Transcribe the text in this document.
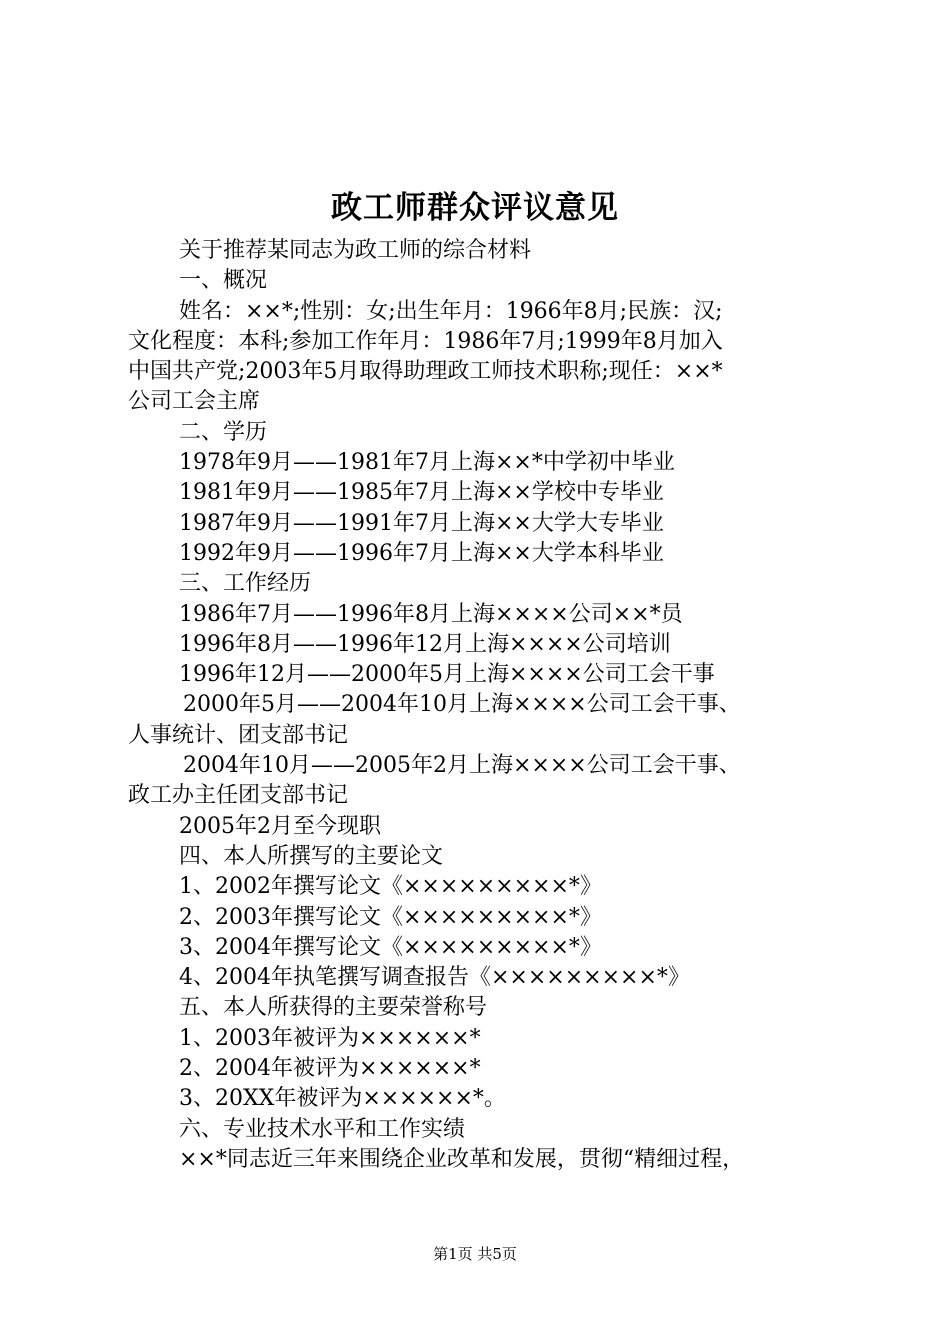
政工师群众评议意见
关于推荐某同志为政工师的综合材料
一、概况
姓名：××*;性别：女;出生年月：1966年8月;民族：汉;
文化程度：本科;参加工作年月：1986年7月;1999年8月加入
中国共产党;2003年5月取得助理政工师技术职称;现任：××*
公司工会主席
二、学历
1978年9月——1981年7月上海××*中学初中毕业
1981年9月——1985年7月上海××学校中专毕业
1987年9月——1991年7月上海××大学大专毕业
1992年9月——1996年7月上海××大学本科毕业
三、工作经历
1986年7月——1996年8月上海××××公司××*员
1996年8月——1996年12月上海××××公司培训
1996年12月——2000年5月上海××××公司工会干事
2000年5月——2004年10月上海××××公司工会干事、
人事统计、团支部书记
2004年10月——2005年2月上海××××公司工会干事、
政工办主任团支部书记
2005年2月至今现职
四、本人所撰写的主要论文
1、2002年撰写论文《×××××××××*》
2、2003年撰写论文《×××××××××*》
3、2004年撰写论文《×××××××××*》
4、2004年执笔撰写调查报告《×××××××××*》
五、本人所获得的主要荣誉称号
1、2003年被评为××××××*
2、2004年被评为××××××*
3、20XX年被评为××××××*。
六、专业技术水平和工作实绩
××*同志近三年来围绕企业改革和发展，贯彻“精细过程，
第1页 共5页
